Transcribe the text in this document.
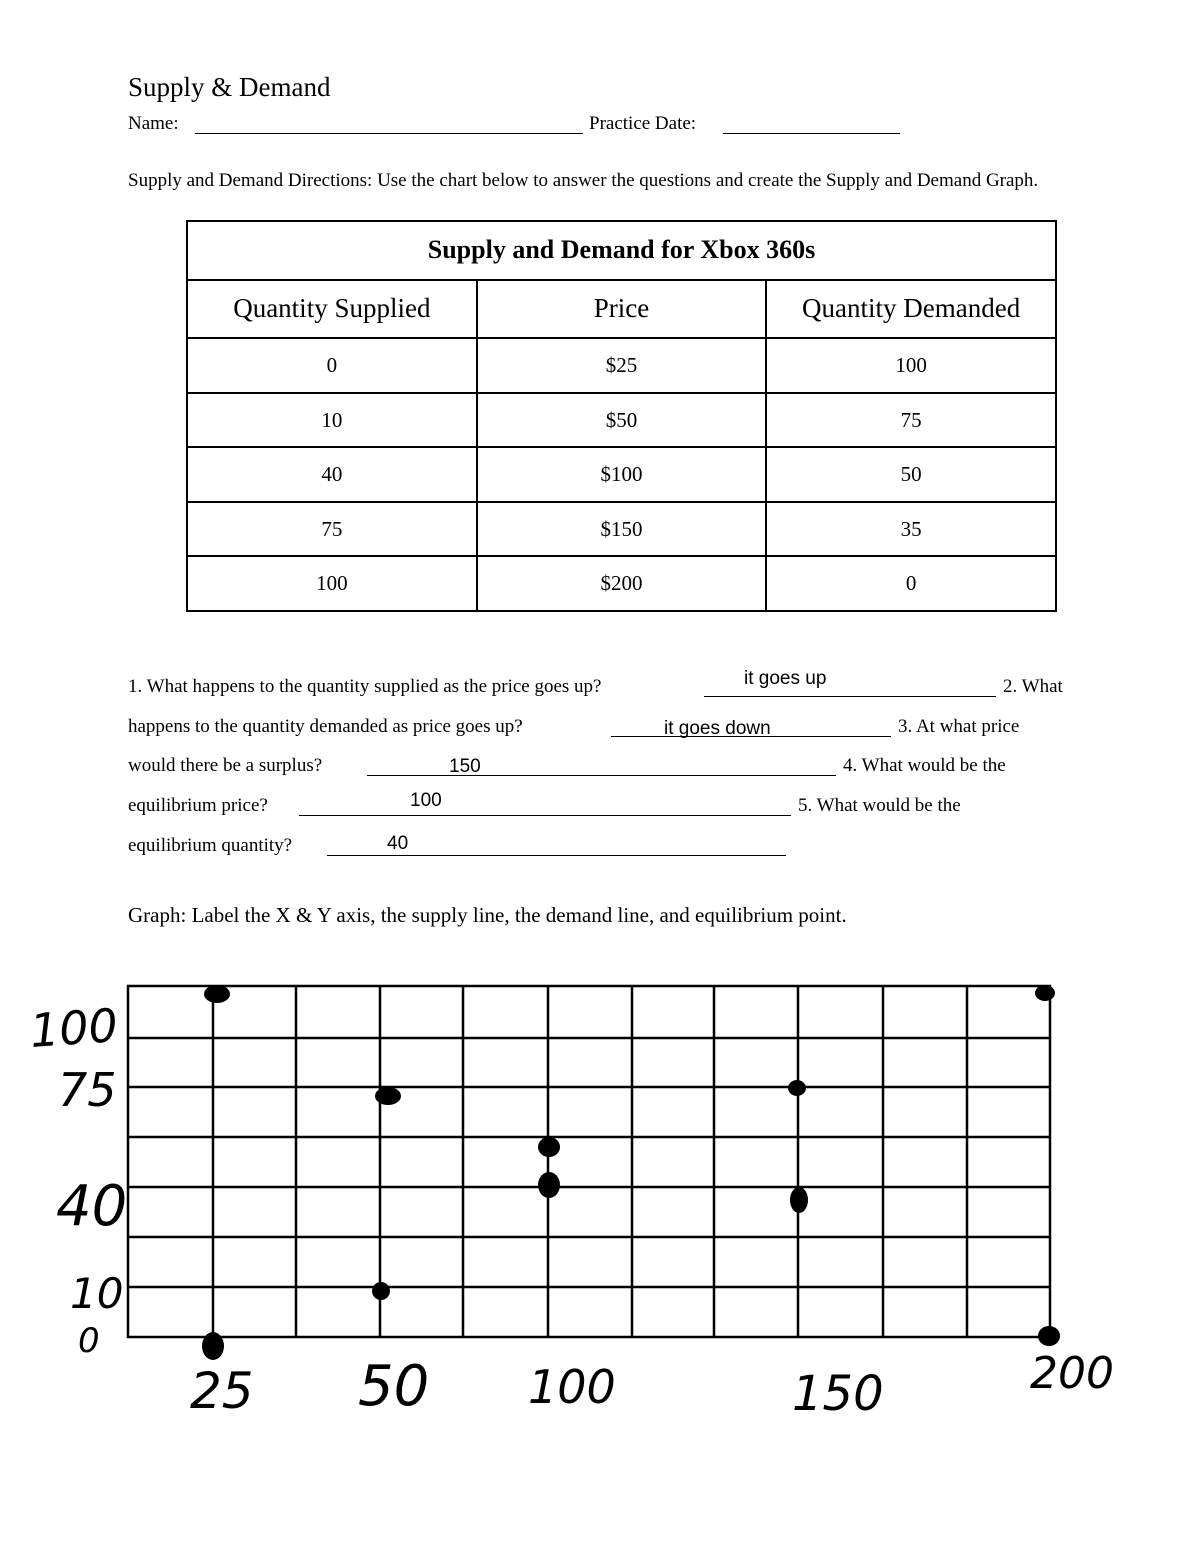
Supply & Demand
Name:	Practice Date:
Supply and Demand Directions: Use the chart below to answer the questions and create the Supply and Demand Graph.
Supply and Demand for Xbox 360s		
Quantity Supplied	Price	Quantity Demanded
0	$25	100
10	$50	75
40	$100	50
75	$150	35
100	$200	0
1. What happens to the quantity supplied as the price goes up?	it goes up	2. What
happens to the quantity demanded as price goes up?	it goes down	3. At what price
would there be a surplus?	150	4. What would be the
equilibrium price?	100	5. What would be the
equilibrium quantity?	40
Graph: Label the X & Y axis, the supply line, the demand line, and equilibrium point.
100
75
40
10
0
25 50 100	150	200
